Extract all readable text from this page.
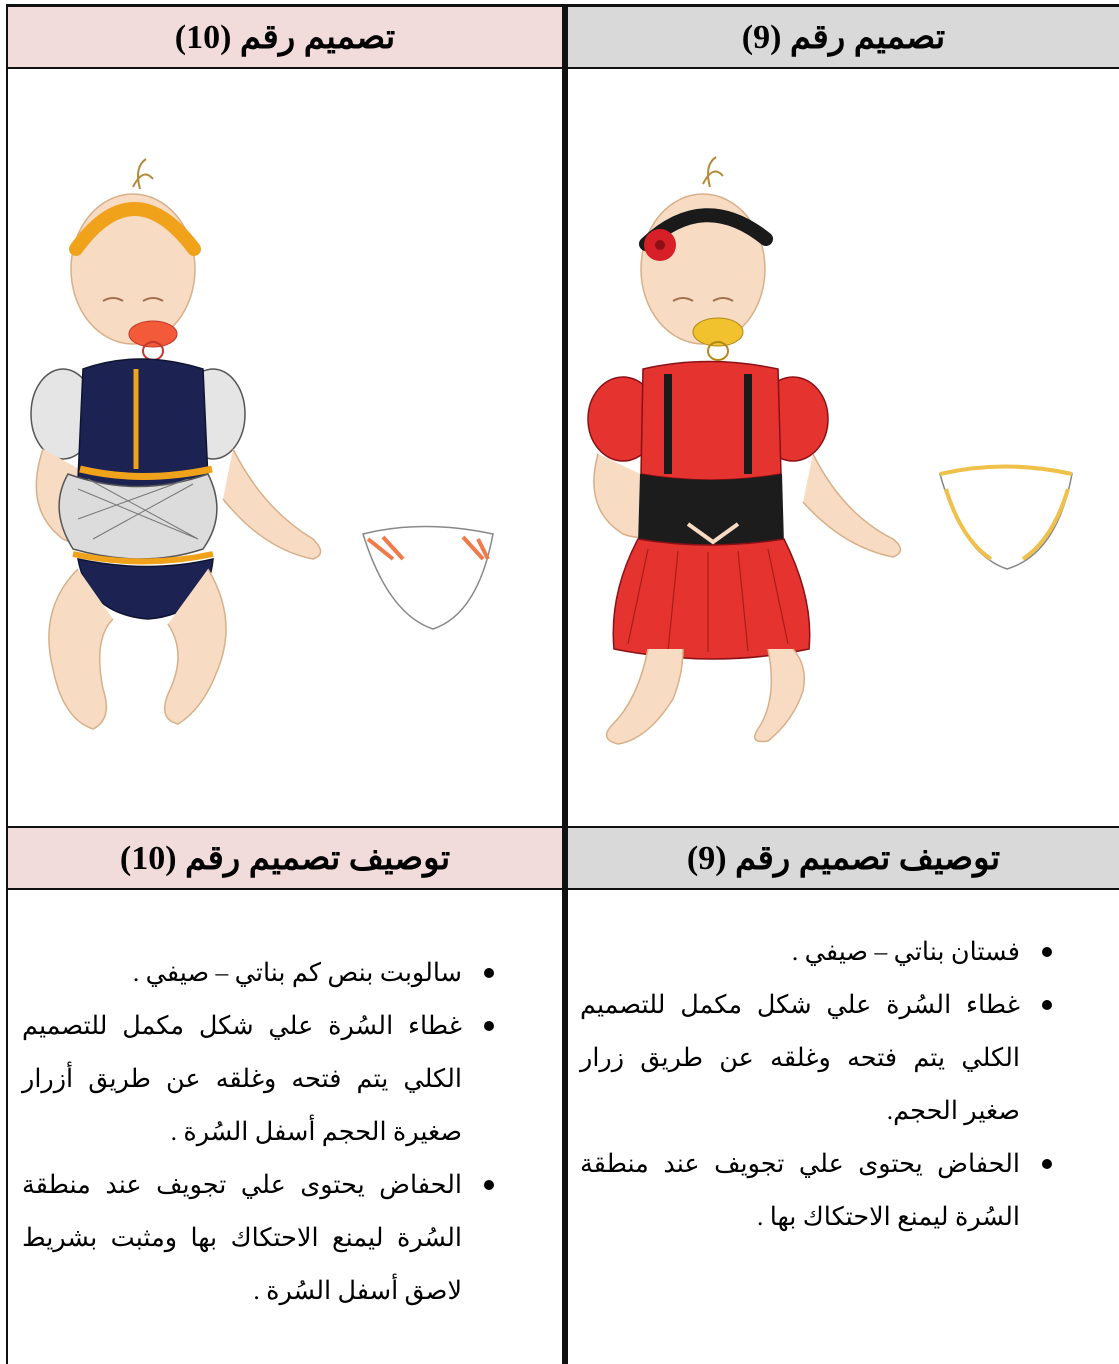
تصميم رقم (10)	تصميم رقم (9)
توصيف تصميم رقم (10)	توصيف تصميم رقم (9)
سالوبت بنص كم بناتي – صيفي .
غطاء السُرة علي شكل مكمل للتصميم الكلي يتم فتحه وغلقه عن طريق أزرار صغيرة الحجم أسفل السُرة .
الحفاض يحتوى علي تجويف عند منطقة السُرة ليمنع الاحتكاك بها ومثبت بشريط لاصق أسفل السُرة .
فستان بناتي – صيفي .
غطاء السُرة علي شكل مكمل للتصميم الكلي يتم فتحه وغلقه عن طريق زرار صغير الحجم.
الحفاض يحتوى علي تجويف عند منطقة السُرة ليمنع الاحتكاك بها .
